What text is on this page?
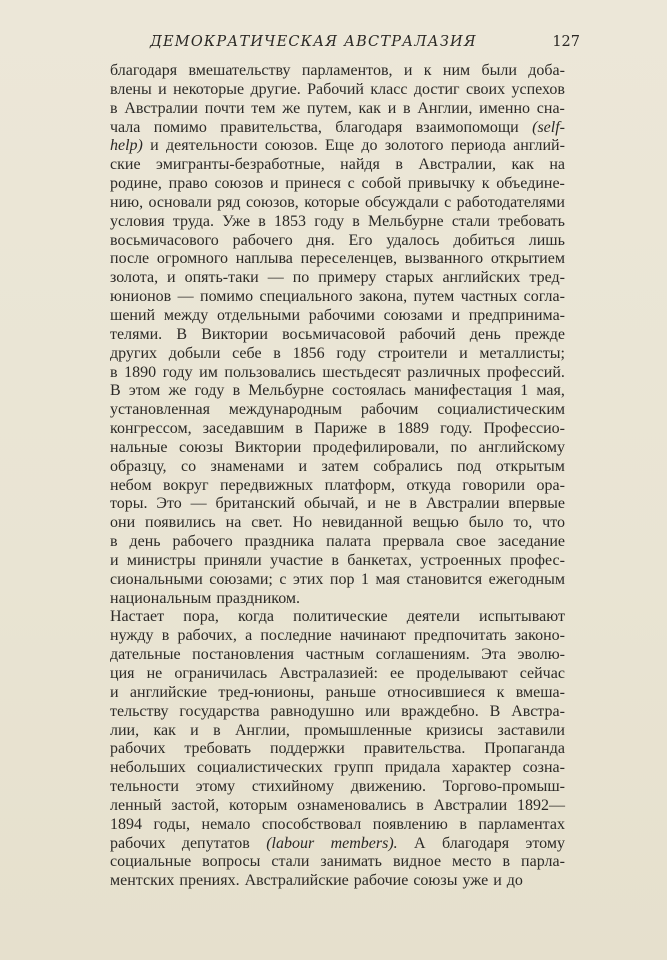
ДЕМОКРАТИЧЕСКАЯ АВСТРАЛАЗИЯ	127
благодаря вмешательству парламентов, и к ним были доба-
влены и некоторые другие. Рабочий класс достиг своих успехов
в Австралии почти тем же путем, как и в Англии, именно сна-
чала помимо правительства, благодаря взаимопомощи (self-
help) и деятельности союзов. Еще до золотого периода англий-
ские эмигранты-безработные, найдя в Австралии, как на
родине, право союзов и принеся с собой привычку к объедине-
нию, основали ряд союзов, которые обсуждали с работодателями
условия труда. Уже в 1853 году в Мельбурне стали требовать
восьмичасового рабочего дня. Его удалось добиться лишь
после огромного наплыва переселенцев, вызванного открытием
золота, и опять-таки — по примеру старых английских тред-
юнионов — помимо специального закона, путем частных согла-
шений между отдельными рабочими союзами и предпринима-
телями. В Виктории восьмичасовой рабочий день прежде
других добыли себе в 1856 году строители и металлисты;
в 1890 году им пользовались шестьдесят различных профессий.
В этом же году в Мельбурне состоялась манифестация 1 мая,
установленная международным рабочим социалистическим
конгрессом, заседавшим в Париже в 1889 году. Профессио-
нальные союзы Виктории продефилировали, по английскому
образцу, со знаменами и затем собрались под открытым
небом вокруг передвижных платформ, откуда говорили ора-
торы. Это — британский обычай, и не в Австралии впервые
они появились на свет. Но невиданной вещью было то, что
в день рабочего праздника палата прервала свое заседание
и министры приняли участие в банкетах, устроенных профес-
сиональными союзами; с этих пор 1 мая становится ежегодным
национальным праздником.
Настает пора, когда политические деятели испытывают
нужду в рабочих, а последние начинают предпочитать законо-
дательные постановления частным соглашениям. Эта эволю-
ция не ограничилась Австралазией: ее проделывают сейчас
и английские тред-юнионы, раньше относившиеся к вмеша-
тельству государства равнодушно или враждебно. В Австра-
лии, как и в Англии, промышленные кризисы заставили
рабочих требовать поддержки правительства. Пропаганда
небольших социалистических групп придала характер созна-
тельности этому стихийному движению. Торгово-промыш-
ленный застой, которым ознаменовались в Австралии 1892—
1894 годы, немало способствовал появлению в парламентах
рабочих депутатов (labour members). А благодаря этому
социальные вопросы стали занимать видное место в парла-
ментских прениях. Австралийские рабочие союзы уже и до
